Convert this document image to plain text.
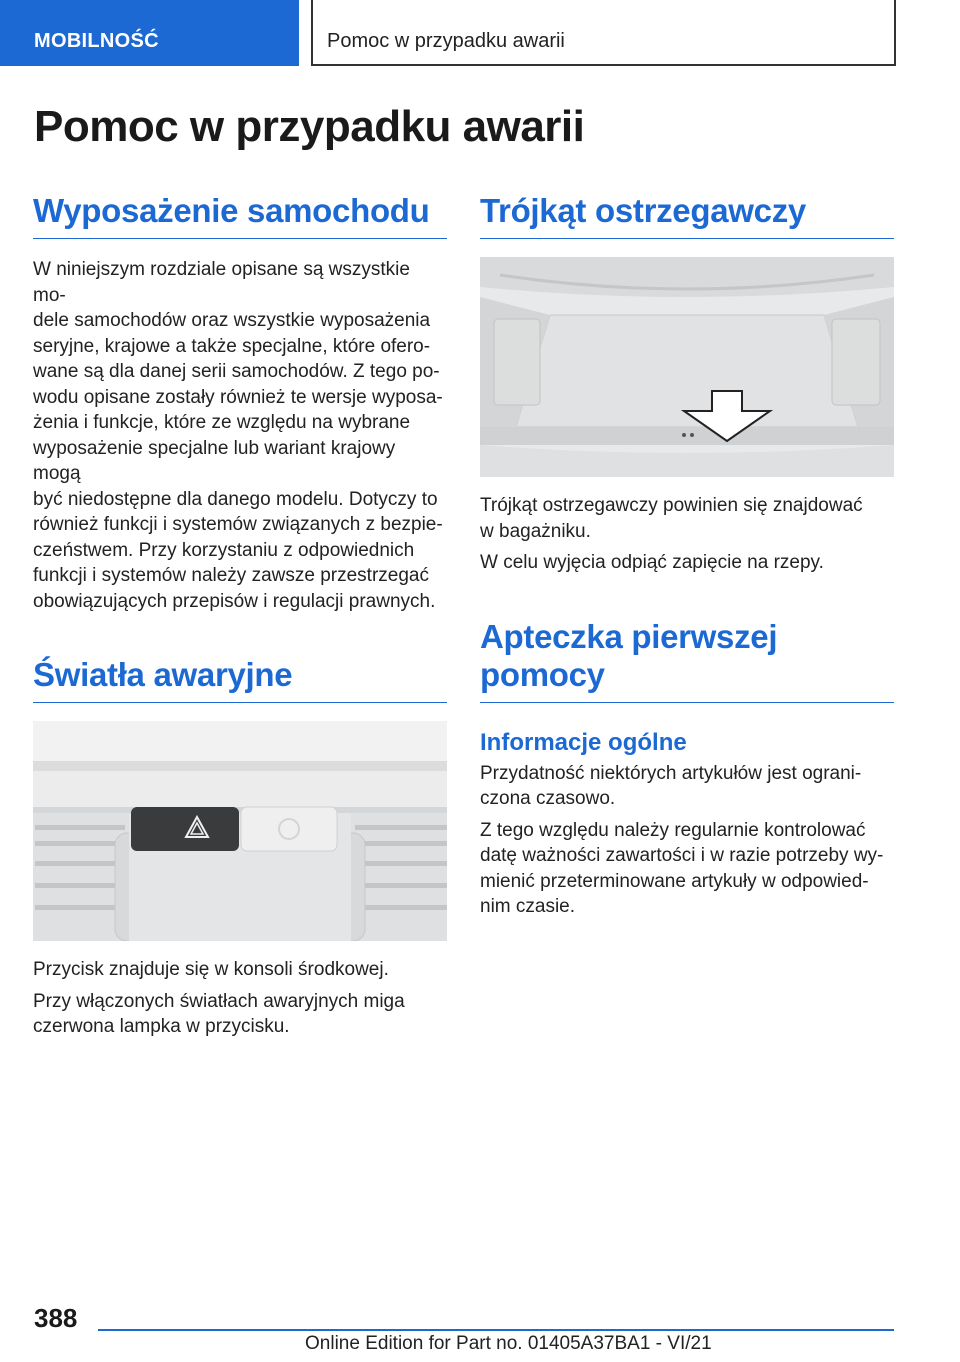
MOBILNOŚĆ	Pomoc w przypadku awarii
Pomoc w przypadku awarii
Wyposażenie samochodu

W niniejszym rozdziale opisane są wszystkie mo‐
dele samochodów oraz wszystkie wyposażenia
seryjne, krajowe a także specjalne, które ofero‐
wane są dla danej serii samochodów. Z tego po‐
wodu opisane zostały również te wersje wyposa‐
żenia i funkcje, które ze względu na wybrane
wyposażenie specjalne lub wariant krajowy mogą
być niedostępne dla danego modelu. Dotyczy to
również funkcji i systemów związanych z bezpie‐
czeństwem. Przy korzystaniu z odpowiednich
funkcji i systemów należy zawsze przestrzegać
obowiązujących przepisów i regulacji prawnych.

Światła awaryjne

Przycisk znajduje się w konsoli środkowej.

Przy włączonych światłach awaryjnych miga
czerwona lampka w przycisku.

Trójkąt ostrzegawczy

Trójkąt ostrzegawczy powinien się znajdować
w bagażniku.

W celu wyjęcia odpiąć zapięcie na rzepy.

Apteczka pierwszej
pomocy
Informacje ogólne

Przydatność niektórych artykułów jest ograni‐
czona czasowo.

Z tego względu należy regularnie kontrolować
datę ważności zawartości i w razie potrzeby wy‐
mienić przeterminowane artykuły w odpowied‐
nim czasie.

388
Online Edition for Part no. 01405A37BA1 - VI/21
